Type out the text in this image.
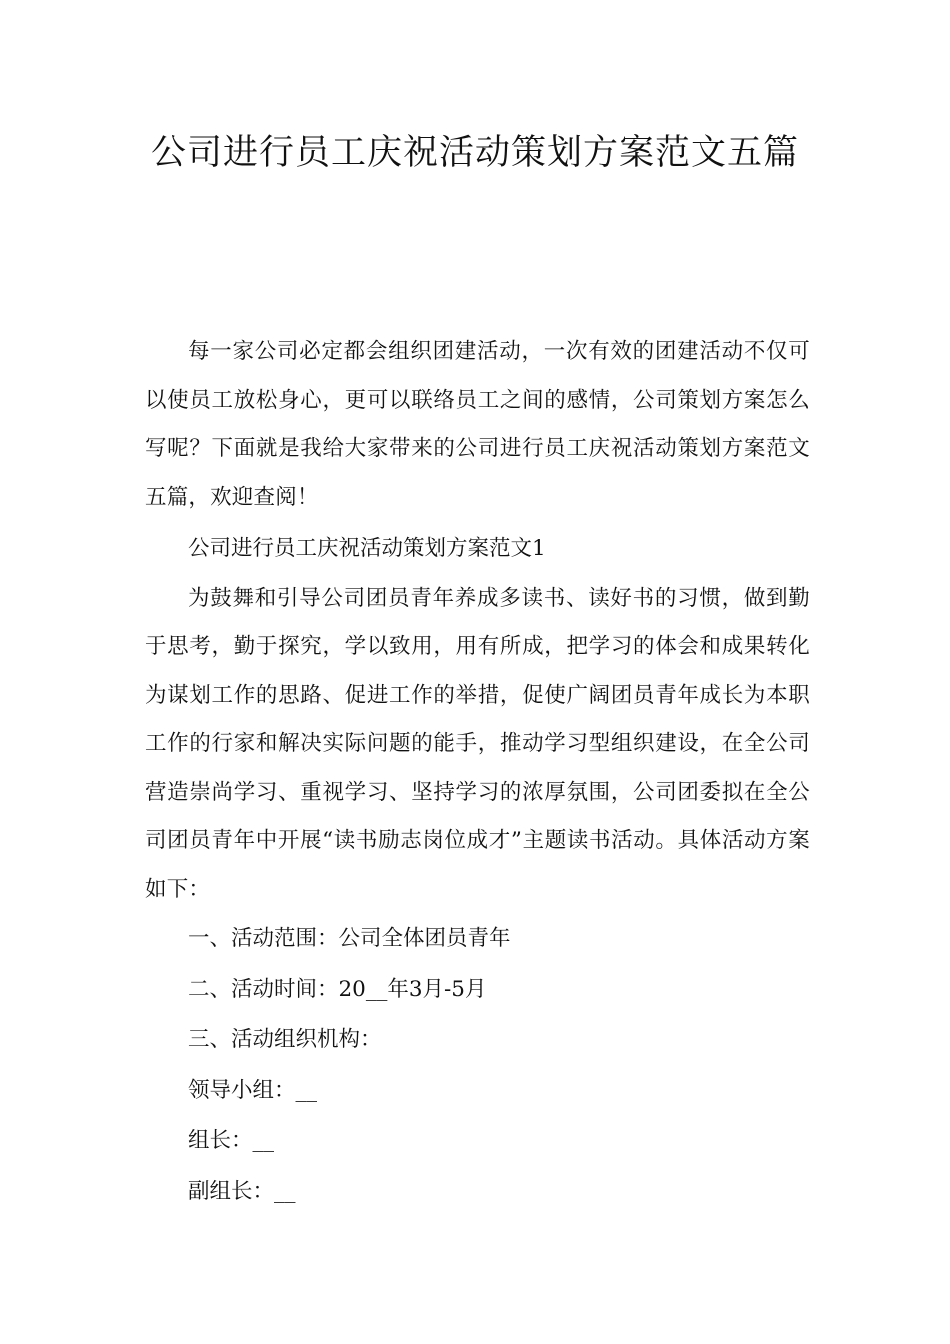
公司进行员工庆祝活动策划方案范文五篇

每一家公司必定都会组织团建活动，一次有效的团建活动不仅可以使员工放松身心，更可以联络员工之间的感情，公司策划方案怎么写呢？下面就是我给大家带来的公司进行员工庆祝活动策划方案范文五篇，欢迎查阅！

公司进行员工庆祝活动策划方案范文1

为鼓舞和引导公司团员青年养成多读书、读好书的习惯，做到勤于思考，勤于探究，学以致用，用有所成，把学习的体会和成果转化为谋划工作的思路、促进工作的举措，促使广阔团员青年成长为本职工作的行家和解决实际问题的能手，推动学习型组织建设，在全公司营造崇尚学习、重视学习、坚持学习的浓厚氛围，公司团委拟在全公司团员青年中开展“读书励志岗位成才”主题读书活动。具体活动方案如下：

一、活动范围：公司全体团员青年

二、活动时间：20__年3月-5月

三、活动组织机构：

领导小组：__

组长：__

副组长：__
